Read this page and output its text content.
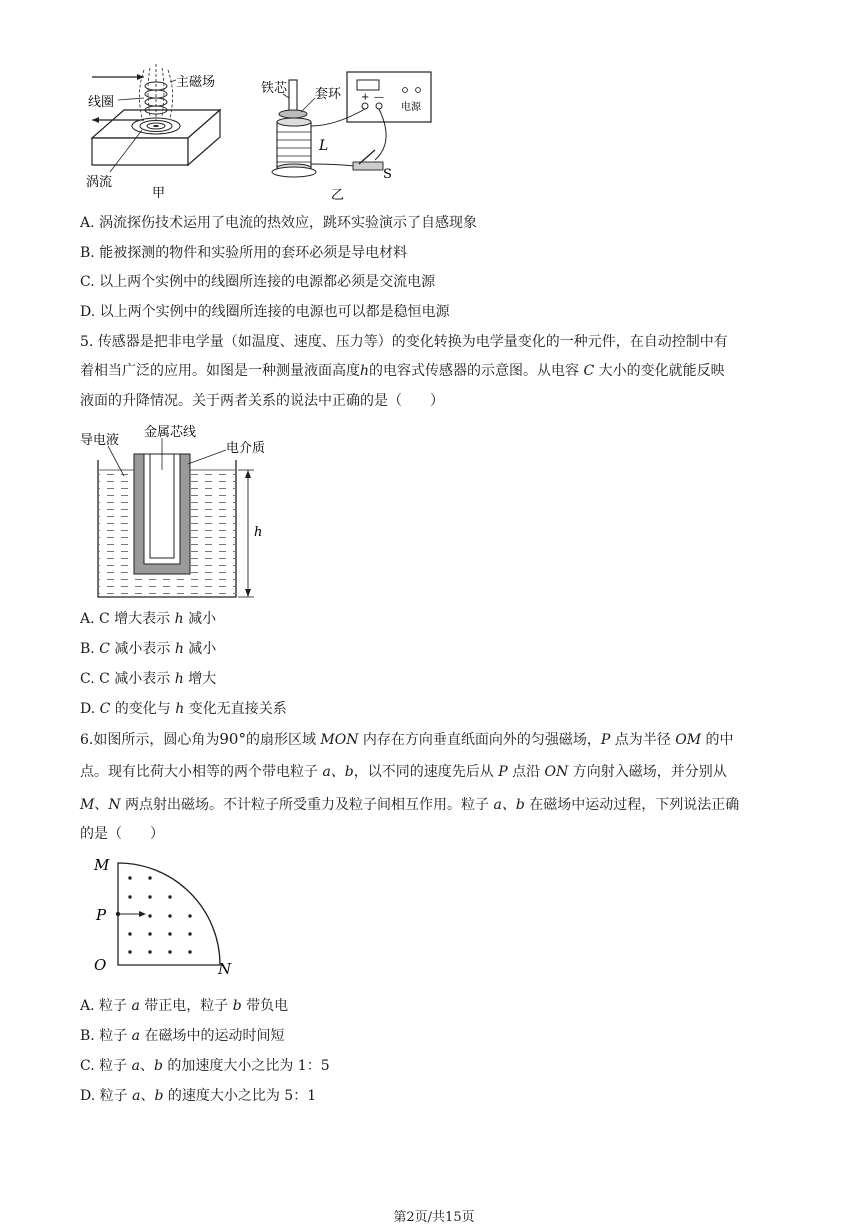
主磁场
线圈
涡流
甲
铁芯 套环
L
S
+ —
电源
乙
A. 涡流探伤技术运用了电流的热效应，跳环实验演示了自感现象
B. 能被探测的物件和实验所用的套环必须是导电材料
C. 以上两个实例中的线圈所连接的电源都必须是交流电源
D. 以上两个实例中的线圈所连接的电源也可以都是稳恒电源
5. 传感器是把非电学量（如温度、速度、压力等）的变化转换为电学量变化的一种元件，在自动控制中有
着相当广泛的应用。如图是一种测量液面高度h的电容式传感器的示意图。从电容 C 大小的变化就能反映
液面的升降情况。关于两者关系的说法中正确的是（　　）
导电液
金属芯线
电介质
h
A. C 增大表示 h 减小
B. C 减小表示 h 减小
C. C 减小表示 h 增大
D. C 的变化与 h 变化无直接关系
6.如图所示，圆心角为90°的扇形区域 MON 内存在方向垂直纸面向外的匀强磁场，P 点为半径 OM 的中
点。现有比荷大小相等的两个带电粒子 a、b，以不同的速度先后从 P 点沿 ON 方向射入磁场，并分别从
M、N 两点射出磁场。不计粒子所受重力及粒子间相互作用。粒子 a、b 在磁场中运动过程，下列说法正确
的是（　　）
M
P
O	N
A. 粒子 a 带正电，粒子 b 带负电
B. 粒子 a 在磁场中的运动时间短
C. 粒子 a、b 的加速度大小之比为 1：5
D. 粒子 a、b 的速度大小之比为 5：1
第2页/共15页
